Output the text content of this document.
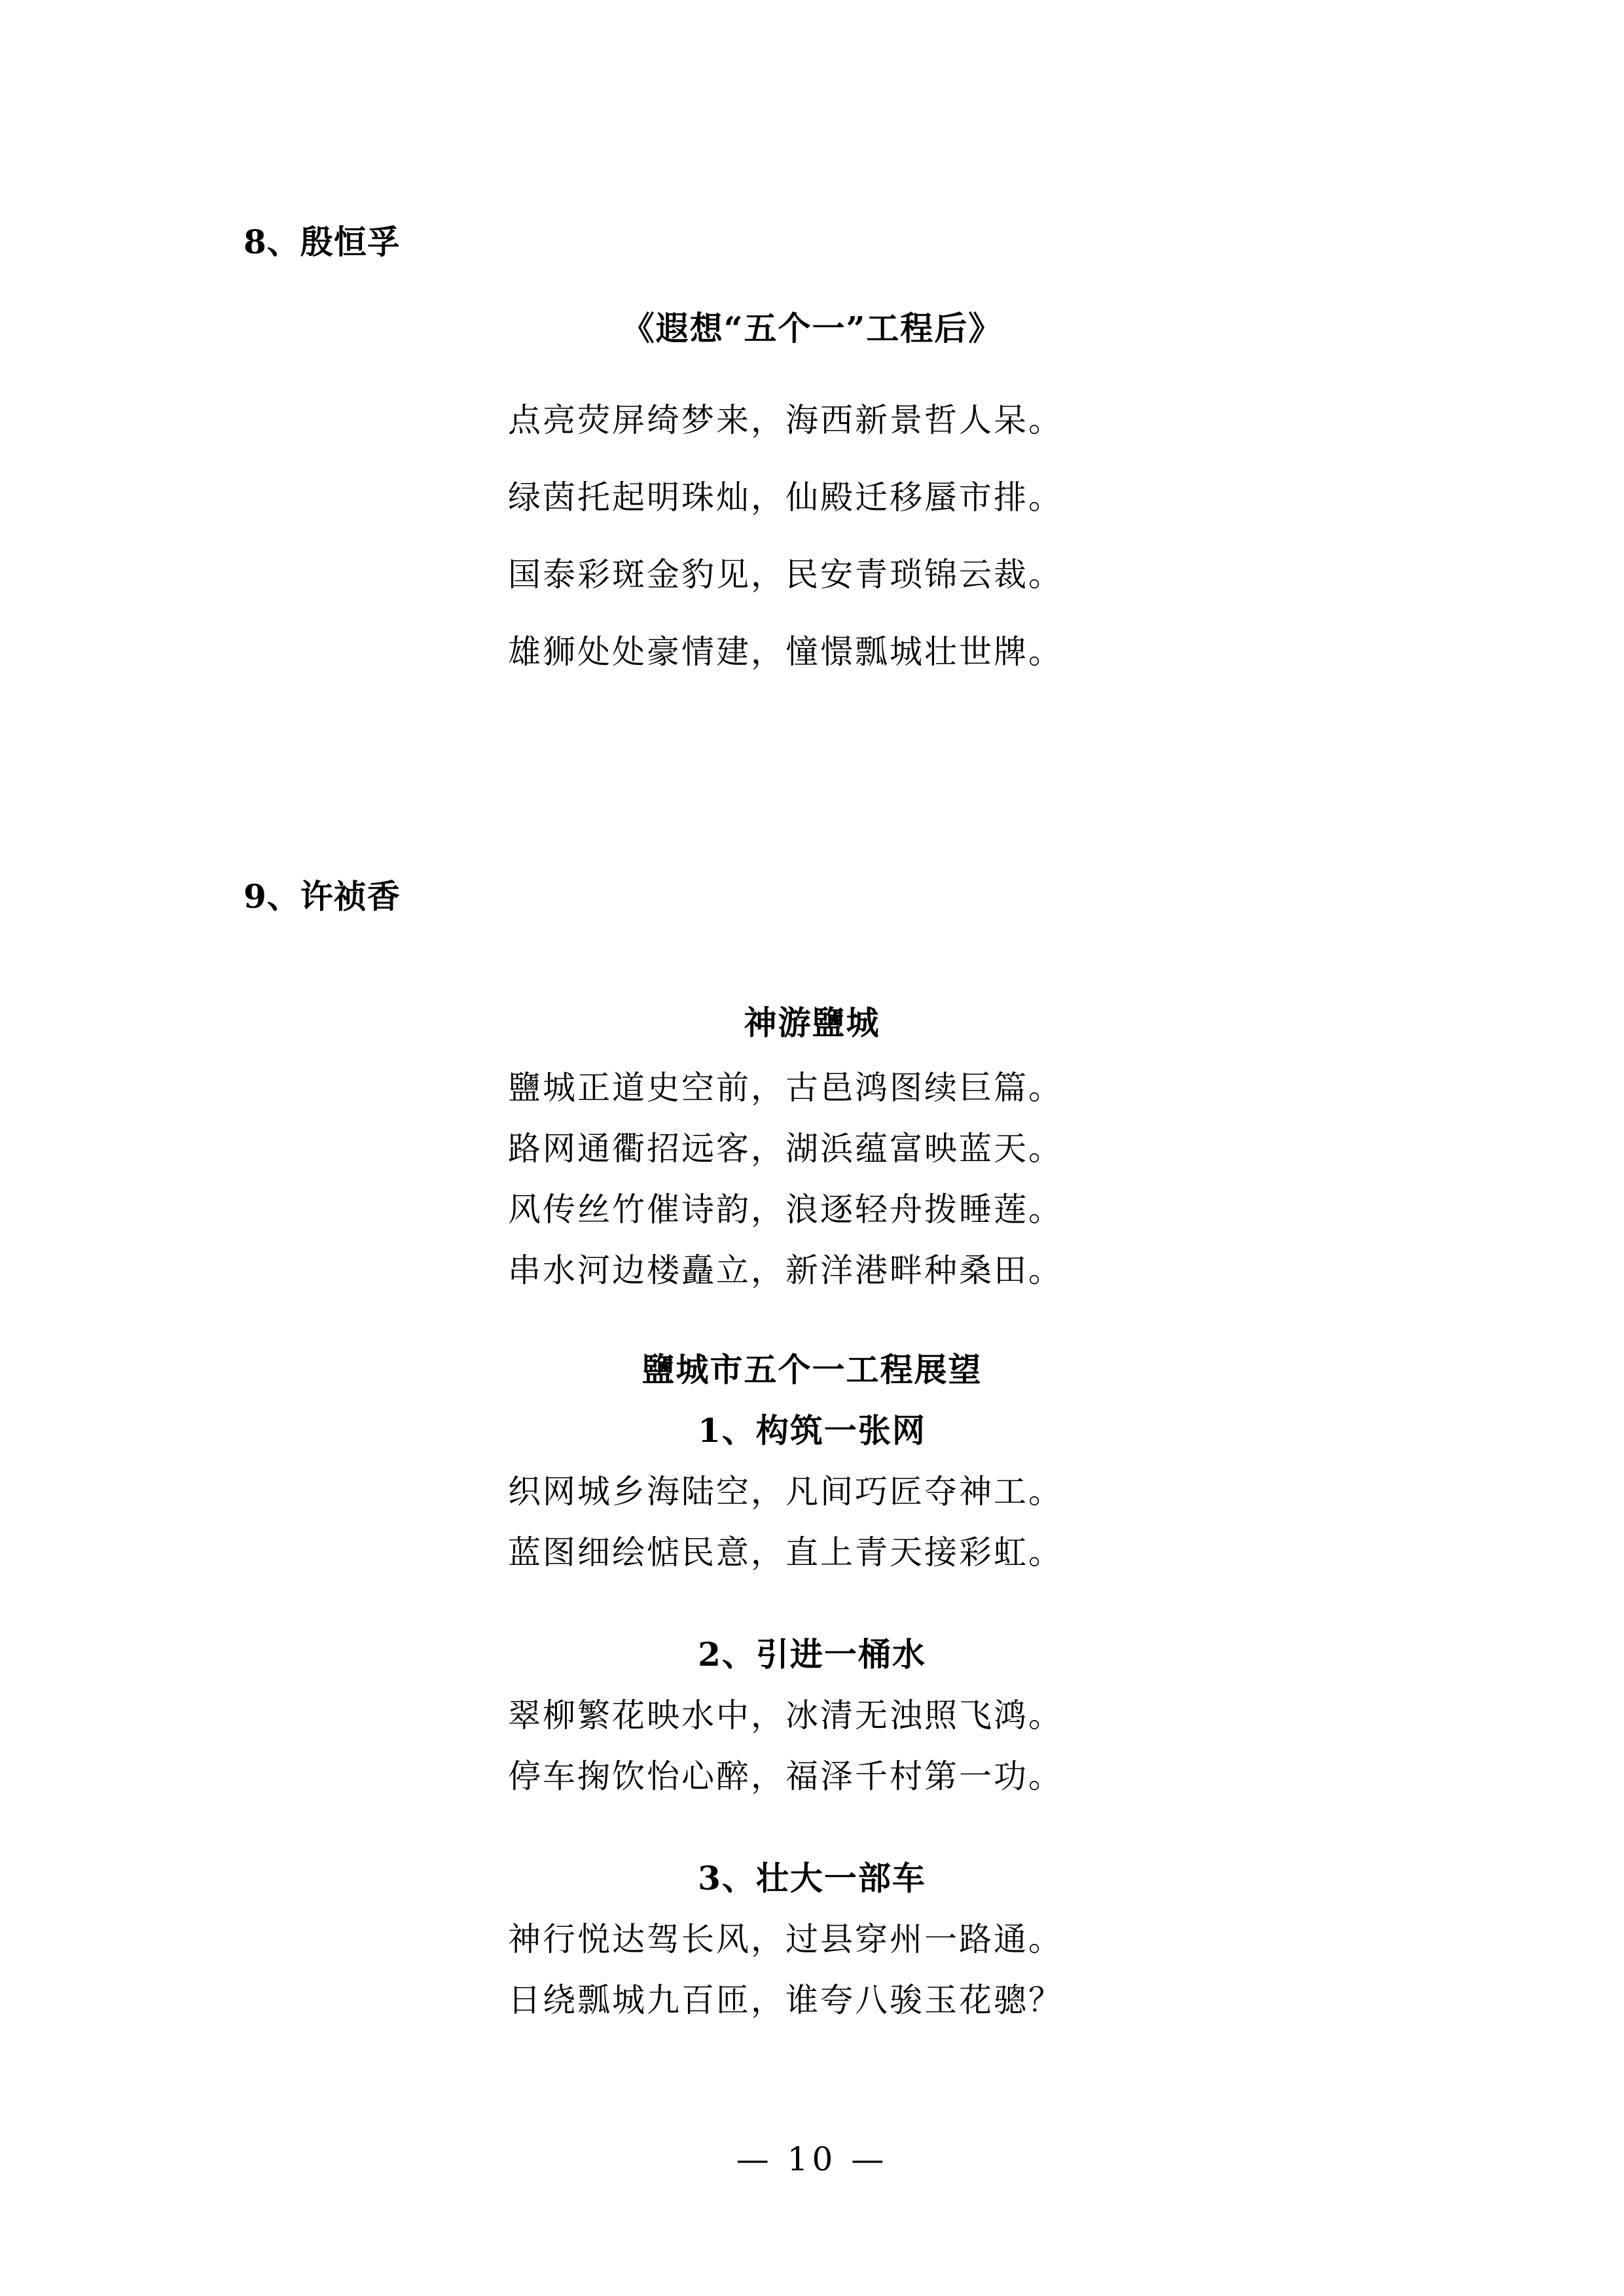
8、殷恒孚
《遐想“五个一”工程后》
点亮荧屏绮梦来，海西新景哲人呆。
绿茵托起明珠灿，仙殿迁移蜃市排。
国泰彩斑金豹见，民安青琐锦云裁。
雄狮处处豪情建，憧憬瓢城壮世牌。
9、许祯香
神游鹽城
鹽城正道史空前，古邑鸿图续巨篇。
路网通衢招远客，湖浜蕴富映蓝天。
风传丝竹催诗韵，浪逐轻舟拨睡莲。
串水河边楼矗立，新洋港畔种桑田。
鹽城市五个一工程展望
1、构筑一张网
织网城乡海陆空，凡间巧匠夺神工。
蓝图细绘惦民意，直上青天接彩虹。
2、引进一桶水
翠柳繁花映水中，冰清无浊照飞鸿。
停车掬饮怡心醉，福泽千村第一功。
3、壮大一部车
神行悦达驾长风，过县穿州一路通。
日绕瓢城九百匝，谁夸八骏玉花骢？
— 10 —
